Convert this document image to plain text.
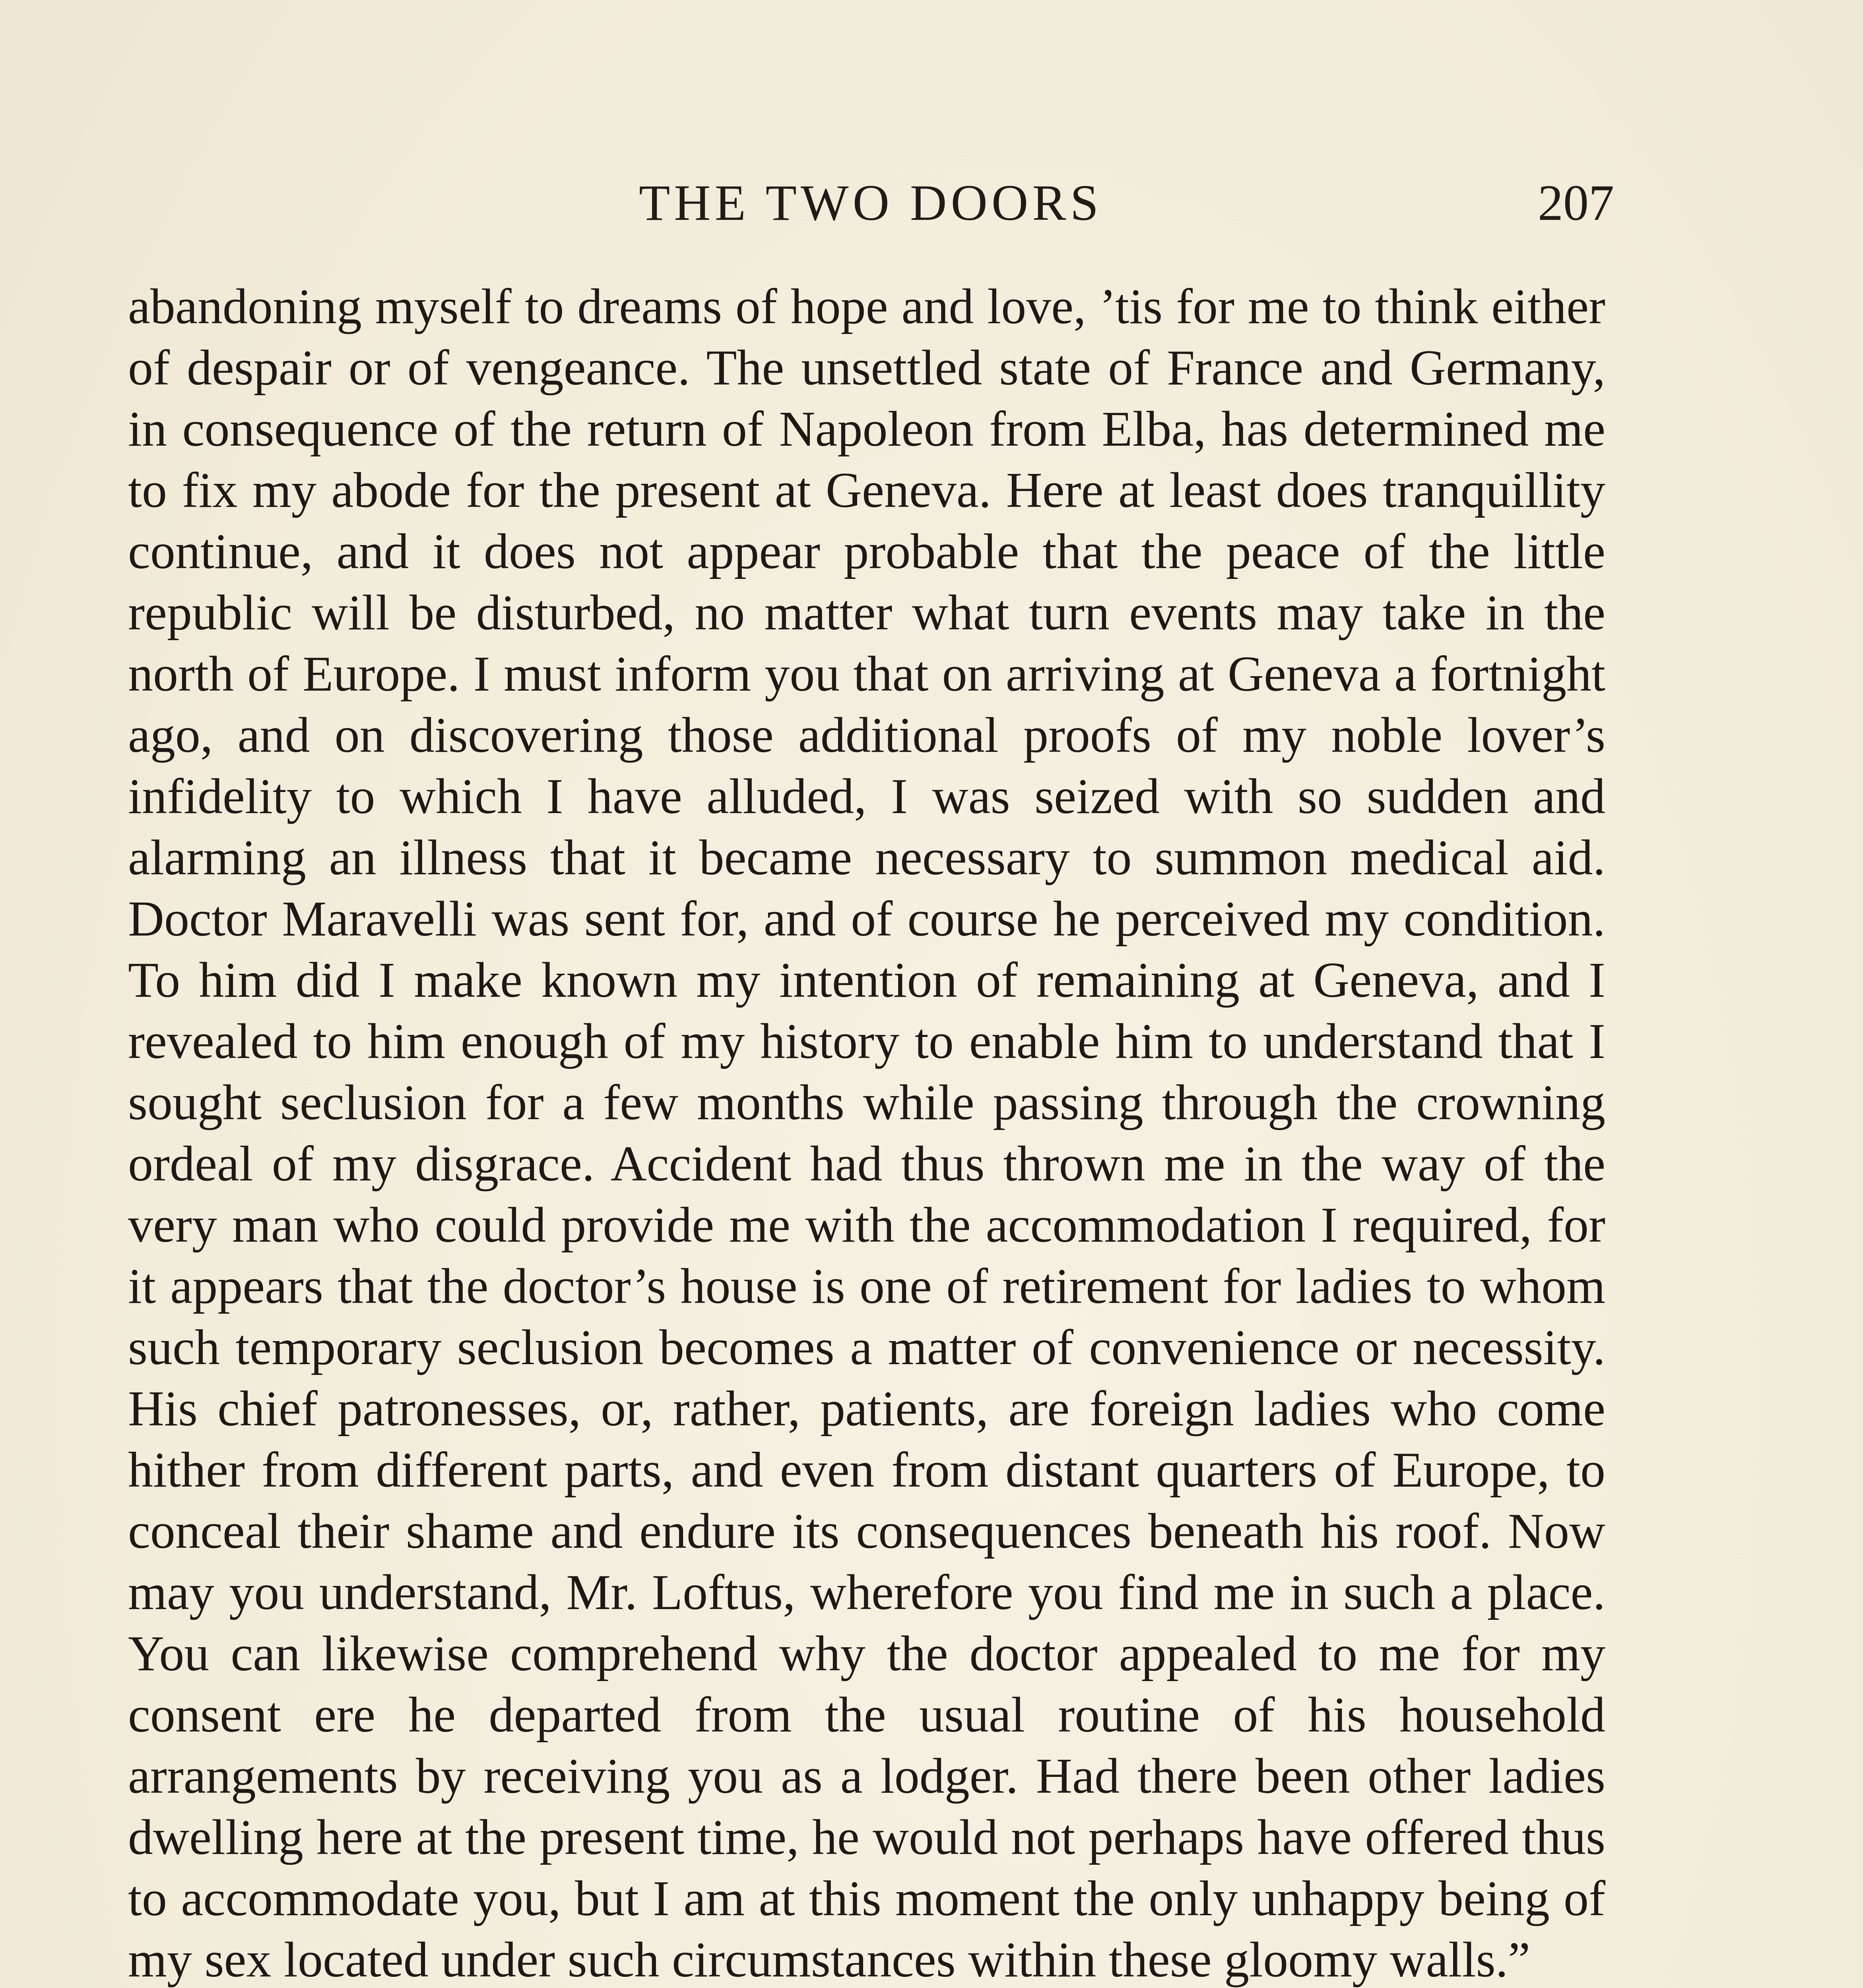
THE TWO DOORS	207

abandoning myself to dreams of hope and love, ’tis for me to think either of despair or of vengeance. The unsettled state of France and Germany, in consequence of the return of Napoleon from Elba, has determined me to fix my abode for the present at Geneva. Here at least does tranquillity continue, and it does not appear probable that the peace of the little republic will be disturbed, no matter what turn events may take in the north of Europe. I must inform you that on arriving at Geneva a fortnight ago, and on discovering those additional proofs of my noble lover’s infidelity to which I have alluded, I was seized with so sudden and alarming an illness that it became necessary to summon medical aid. Doctor Maravelli was sent for, and of course he perceived my condition. To him did I make known my intention of remaining at Geneva, and I revealed to him enough of my history to enable him to understand that I sought seclusion for a few months while passing through the crowning ordeal of my disgrace. Accident had thus thrown me in the way of the very man who could provide me with the accommodation I required, for it appears that the doctor’s house is one of retirement for ladies to whom such temporary seclusion becomes a matter of convenience or necessity. His chief patronesses, or, rather, patients, are foreign ladies who come hither from different parts, and even from distant quarters of Europe, to conceal their shame and endure its consequences beneath his roof. Now may you understand, Mr. Loftus, wherefore you find me in such a place. You can likewise comprehend why the doctor appealed to me for my consent ere he departed from the usual routine of his household arrangements by receiving you as a lodger. Had there been other ladies dwelling here at the present time, he would not perhaps have offered thus to accommodate you, but I am at this moment the only unhappy being of my sex located under such circumstances within these gloomy walls.”
